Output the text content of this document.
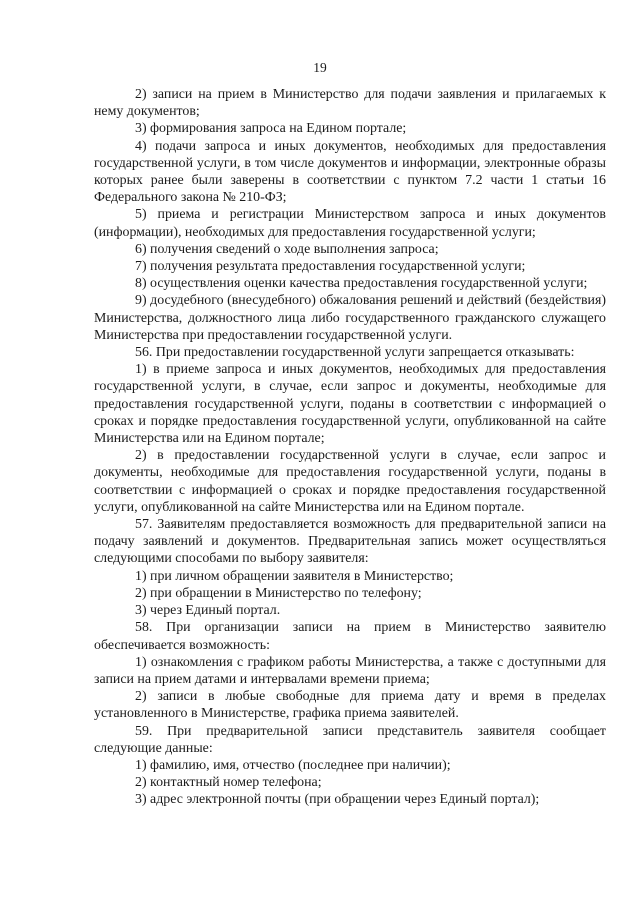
19

2) записи на прием в Министерство для подачи заявления и прилагаемых к нему документов;

3) формирования запроса на Едином портале;

4) подачи запроса и иных документов, необходимых для предоставления государственной услуги, в том числе документов и информации, электронные образы которых ранее были заверены в соответствии с пунктом 7.2 части 1 статьи 16 Федерального закона № 210-ФЗ;

5) приема и регистрации Министерством запроса и иных документов (информации), необходимых для предоставления государственной услуги;

6) получения сведений о ходе выполнения запроса;

7) получения результата предоставления государственной услуги;

8) осуществления оценки качества предоставления государственной услуги;

9) досудебного (внесудебного) обжалования решений и действий (бездействия) Министерства, должностного лица либо государственного гражданского служащего Министерства при предоставлении государственной услуги.

56. При предоставлении государственной услуги запрещается отказывать:

1) в приеме запроса и иных документов, необходимых для предоставления государственной услуги, в случае, если запрос и документы, необходимые для предоставления государственной услуги, поданы в соответствии с информацией о сроках и порядке предоставления государственной услуги, опубликованной на сайте Министерства или на Едином портале;

2) в предоставлении государственной услуги в случае, если запрос и документы, необходимые для предоставления государственной услуги, поданы в соответствии с информацией о сроках и порядке предоставления государственной услуги, опубликованной на сайте Министерства или на Едином портале.

57. Заявителям предоставляется возможность для предварительной записи на подачу заявлений и документов. Предварительная запись может осуществляться следующими способами по выбору заявителя:

1) при личном обращении заявителя в Министерство;

2) при обращении в Министерство по телефону;

3) через Единый портал.

58. При организации записи на прием в Министерство заявителю обеспечивается возможность:

1) ознакомления с графиком работы Министерства, а также с доступными для записи на прием датами и интервалами времени приема;

2) записи в любые свободные для приема дату и время в пределах установленного в Министерстве, графика приема заявителей.

59. При предварительной записи представитель заявителя сообщает следующие данные:

1) фамилию, имя, отчество (последнее при наличии);

2) контактный номер телефона;

3) адрес электронной почты (при обращении через Единый портал);
